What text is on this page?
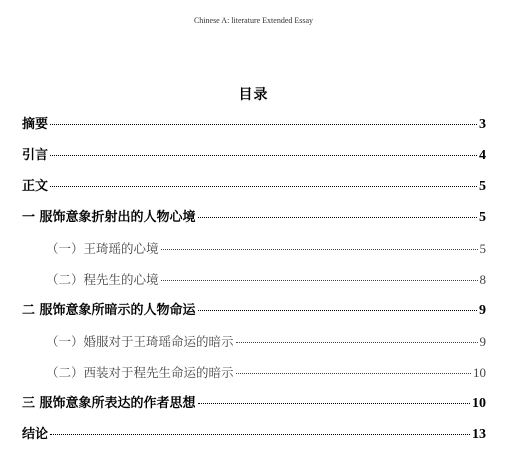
Chinese A: literature Extended Essay
目录
摘要	3
引言	4
正文	5
一 服饰意象折射出的人物心境	5
（一）王琦瑶的心境	5
（二）程先生的心境	8
二 服饰意象所暗示的人物命运	9
（一）婚服对于王琦瑶命运的暗示	9
（二）西装对于程先生命运的暗示	10
三 服饰意象所表达的作者思想	10
结论	13
